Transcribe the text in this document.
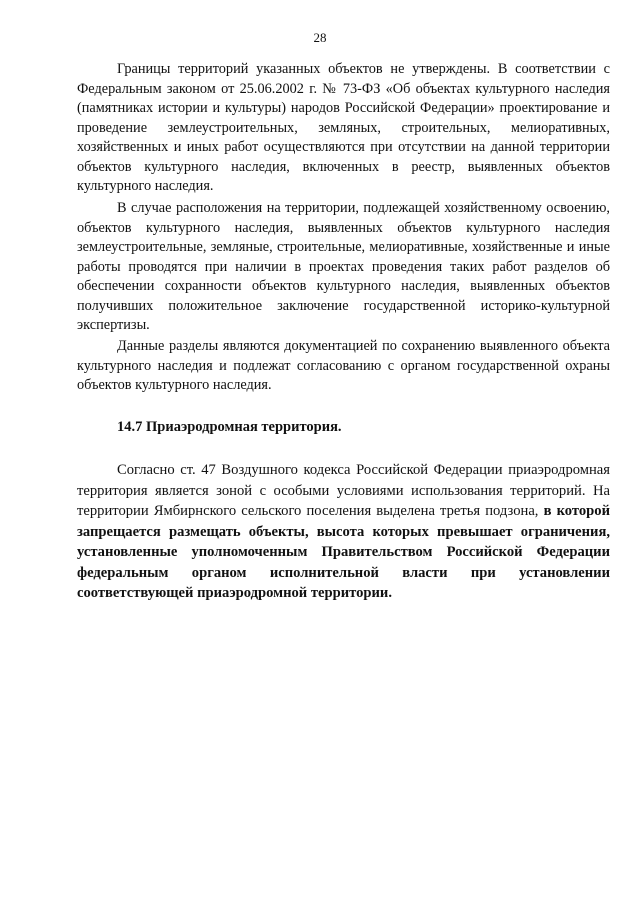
28

Границы территорий указанных объектов не утверждены. В соответствии с Федеральным законом от 25.06.2002 г. № 73-ФЗ «Об объектах культурного наследия (памятниках истории и культуры) народов Российской Федерации» проектирование и проведение землеустроительных, земляных, строительных, мелиоративных, хозяйственных и иных работ осуществляются при отсутствии на данной территории объектов культурного наследия, включенных в реестр, выявленных объектов культурного наследия.

В случае расположения на территории, подлежащей хозяйственному освоению, объектов культурного наследия, выявленных объектов культурного наследия землеустроительные, земляные, строительные, мелиоративные, хозяйственные и иные работы проводятся при наличии в проектах проведения таких работ разделов об обеспечении сохранности объектов культурного наследия, выявленных объектов получивших положительное заключение государственной историко-культурной экспертизы.

Данные разделы являются документацией по сохранению выявленного объекта культурного наследия и подлежат согласованию с органом государственной охраны объектов культурного наследия.

14.7 Приаэродромная территория.

Согласно ст. 47 Воздушного кодекса Российской Федерации приаэродромная территория является зоной с особыми условиями использования территорий. На территории Ямбирнского сельского поселения выделена третья подзона, в которой запрещается размещать объекты, высота которых превышает ограничения, установленные уполномоченным Правительством Российской Федерации федеральным органом исполнительной власти при установлении соответствующей приаэродромной территории.
